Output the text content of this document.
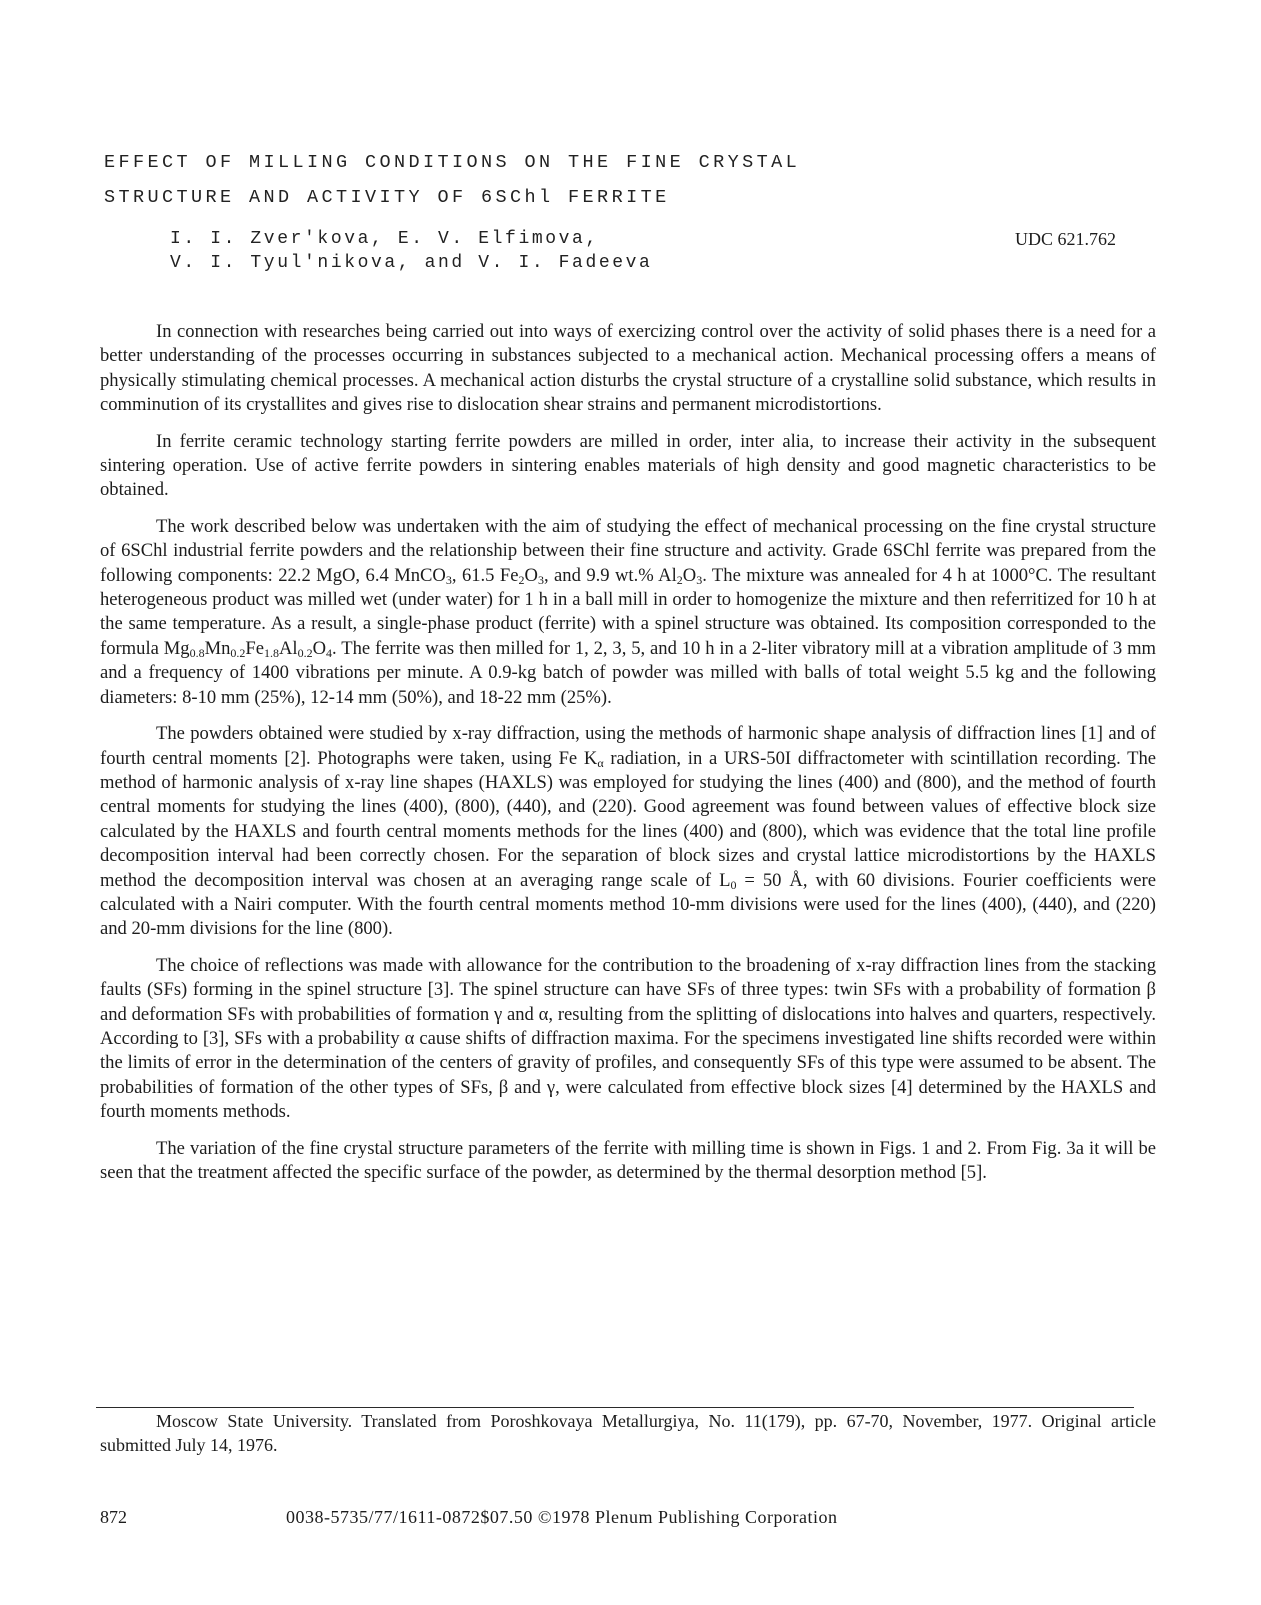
EFFECT OF MILLING CONDITIONS ON THE FINE CRYSTAL
STRUCTURE AND ACTIVITY OF 6SChl FERRITE
I. I. Zver'kova, E. V. Elfimova,
V. I. Tyul'nikova, and V. I. Fadeeva
UDC 621.762

In connection with researches being carried out into ways of exercizing control over the activity of solid phases there is a need for a better understanding of the processes occurring in substances subjected to a mechanical action. Mechanical processing offers a means of physically stimulating chemical processes. A mechanical action disturbs the crystal structure of a crystalline solid substance, which results in comminution of its crystallites and gives rise to dislocation shear strains and permanent microdistortions.

In ferrite ceramic technology starting ferrite powders are milled in order, inter alia, to increase their activity in the subsequent sintering operation. Use of active ferrite powders in sintering enables materials of high density and good magnetic characteristics to be obtained.

The work described below was undertaken with the aim of studying the effect of mechanical processing on the fine crystal structure of 6SChl industrial ferrite powders and the relationship between their fine structure and activity. Grade 6SChl ferrite was prepared from the following components: 22.2 MgO, 6.4 MnCO$_3$, 61.5 $Fe_2O_3$, and 9.9 wt.% $Al_2O_3$. The mixture was annealed for 4 h at 1000°C. The resultant heterogeneous product was milled wet (under water) for 1 h in a ball mill in order to homogenize the mixture and then referritized for 10 h at the same temperature. As a result, a single-phase product (ferrite) with a spinel structure was obtained. Its composition corresponded to the formula $Mg_{0.8}Mn_{0.2}Fe_{1.8}Al_{0.2}O_4$. The ferrite was then milled for 1, 2, 3, 5, and 10 h in a 2-liter vibratory mill at a vibration amplitude of 3 mm and a frequency of 1400 vibrations per minute. A 0.9-kg batch of powder was milled with balls of total weight 5.5 kg and the following diameters: 8-10 mm (25%), 12-14 mm (50%), and 18-22 mm (25%).

The powders obtained were studied by x-ray diffraction, using the methods of harmonic shape analysis of diffraction lines [1] and of fourth central moments [2]. Photographs were taken, using Fe $K_\alpha$ radiation, in a URS-50I diffractometer with scintillation recording. The method of harmonic analysis of x-ray line shapes (HAXLS) was employed for studying the lines (400) and (800), and the method of fourth central moments for studying the lines (400), (800), (440), and (220). Good agreement was found between values of effective block size calculated by the HAXLS and fourth central moments methods for the lines (400) and (800), which was evidence that the total line profile decomposition interval had been correctly chosen. For the separation of block sizes and crystal lattice microdistortions by the HAXLS method the decomposition interval was chosen at an averaging range scale of $L_0 = 50$ Å, with 60 divisions. Fourier coefficients were calculated with a Nairi computer. With the fourth central moments method 10-mm divisions were used for the lines (400), (440), and (220) and 20-mm divisions for the line (800).

The choice of reflections was made with allowance for the contribution to the broadening of x-ray diffraction lines from the stacking faults (SFs) forming in the spinel structure [3]. The spinel structure can have SFs of three types: twin SFs with a probability of formation β and deformation SFs with probabilities of formation γ and α, resulting from the splitting of dislocations into halves and quarters, respectively. According to [3], SFs with a probability α cause shifts of diffraction maxima. For the specimens investigated line shifts recorded were within the limits of error in the determination of the centers of gravity of profiles, and consequently SFs of this type were assumed to be absent. The probabilities of formation of the other types of SFs, β and γ, were calculated from effective block sizes [4] determined by the HAXLS and fourth moments methods.

The variation of the fine crystal structure parameters of the ferrite with milling time is shown in Figs. 1 and 2. From Fig. 3a it will be seen that the treatment affected the specific surface of the powder, as determined by the thermal desorption method [5].

Moscow State University. Translated from Poroshkovaya Metallurgiya, No. 11(179), pp. 67-70, November, 1977. Original article submitted July 14, 1976.

872	0038-5735/77/1611-0872$07.50 ©1978 Plenum Publishing Corporation
